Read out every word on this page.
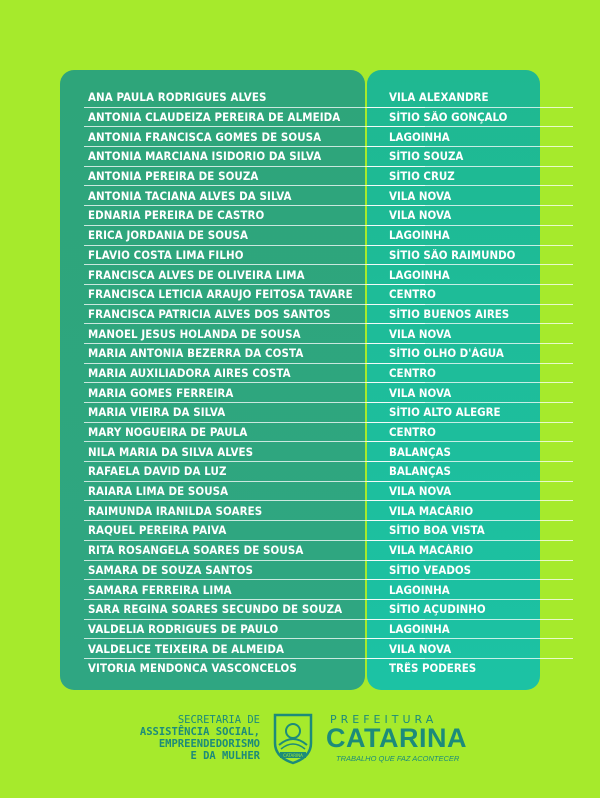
ANA PAULA RODRIGUES ALVES	VILA ALEXANDRE
ANTONIA CLAUDEIZA PEREIRA DE ALMEIDA	SÍTIO SÃO GONÇALO
ANTONIA FRANCISCA GOMES DE SOUSA	LAGOINHA
ANTONIA MARCIANA ISIDORIO DA SILVA	SÍTIO SOUZA
ANTONIA PEREIRA DE SOUZA	SÍTIO CRUZ
ANTONIA TACIANA ALVES DA SILVA	VILA NOVA
EDNARIA PEREIRA DE CASTRO	VILA NOVA
ERICA JORDANIA DE SOUSA	LAGOINHA
FLAVIO COSTA LIMA FILHO	SÍTIO SÃO RAIMUNDO
FRANCISCA ALVES DE OLIVEIRA LIMA	LAGOINHA
FRANCISCA LETICIA ARAUJO FEITOSA TAVARE	CENTRO
FRANCISCA PATRICIA ALVES DOS SANTOS	SÍTIO BUENOS AIRES
MANOEL JESUS HOLANDA DE SOUSA	VILA NOVA
MARIA ANTONIA BEZERRA DA COSTA	SÍTIO OLHO D'ÁGUA
MARIA AUXILIADORA AIRES COSTA	CENTRO
MARIA GOMES FERREIRA	VILA NOVA
MARIA VIEIRA DA SILVA	SÍTIO ALTO ALEGRE
MARY NOGUEIRA DE PAULA	CENTRO
NILA MARIA DA SILVA ALVES	BALANÇAS
RAFAELA DAVID DA LUZ	BALANÇAS
RAIARA LIMA DE SOUSA	VILA NOVA
RAIMUNDA IRANILDA SOARES	VILA MACÁRIO
RAQUEL PEREIRA PAIVA	SÍTIO BOA VISTA
RITA ROSANGELA SOARES DE SOUSA	VILA MACÁRIO
SAMARA DE SOUZA SANTOS	SÍTIO VEADOS
SAMARA FERREIRA LIMA	LAGOINHA
SARA REGINA SOARES SECUNDO DE SOUZA	SÍTIO AÇUDINHO
VALDELIA RODRIGUES DE PAULO	LAGOINHA
VALDELICE TEIXEIRA DE ALMEIDA	VILA NOVA
VITORIA MENDONCA VASCONCELOS	TRÊS PODERES
SECRETARIA DE
ASSISTÊNCIA SOCIAL,
EMPREENDEDORISMO
E DA MULHER	CATARINA
PREFEITURA
CATARINA
TRABALHO QUE FAZ ACONTECER
